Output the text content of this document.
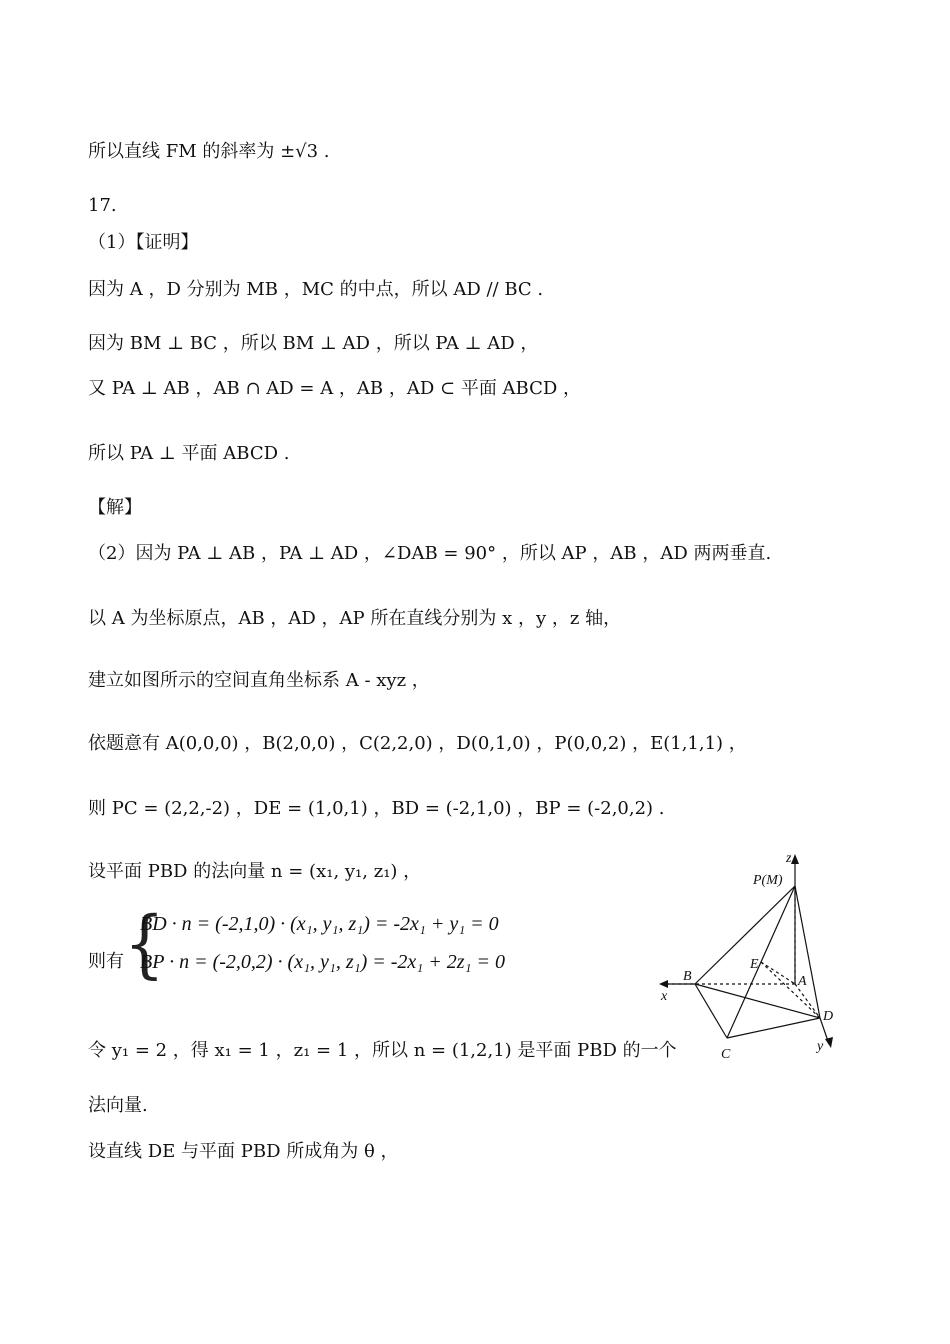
所以直线 FM 的斜率为 ±√3 .
17.
（1）【证明】
因为 A ，D 分别为 MB ，MC 的中点，所以 AD // BC .
因为 BM ⊥ BC ，所以 BM ⊥ AD ，所以 PA ⊥ AD ，
又 PA ⊥ AB ，AB ∩ AD = A ，AB ，AD ⊂ 平面 ABCD ，
所以 PA ⊥ 平面 ABCD .
【解】
（2）因为 PA ⊥ AB ，PA ⊥ AD ，∠DAB = 90° ，所以 AP ，AB ，AD 两两垂直.
以 A 为坐标原点，AB ，AD ，AP 所在直线分别为 x ，y ，z 轴，
建立如图所示的空间直角坐标系 A - xyz ，
依题意有 A(0,0,0) ，B(2,0,0) ，C(2,2,0) ，D(0,1,0) ，P(0,0,2) ，E(1,1,1) ，
则 PC = (2,2,-2) ，DE = (1,0,1) ，BD = (-2,1,0) ，BP = (-2,0,2) .
设平面 PBD 的法向量 n = (x₁, y₁, z₁) ，
则有 {
BD · n = (-2,1,0) · (x₁, y₁, z₁) = -2x₁ + y₁ = 0
BP · n = (-2,0,2) · (x₁, y₁, z₁) = -2x₁ + 2z₁ = 0
令 y₁ = 2 ，得 x₁ = 1 ，z₁ = 1 ，所以 n = (1,2,1) 是平面 PBD 的一个
法向量.
设直线 DE 与平面 PBD 所成角为 θ ，
z
P(M)
B
E
A
x
D
C
y
